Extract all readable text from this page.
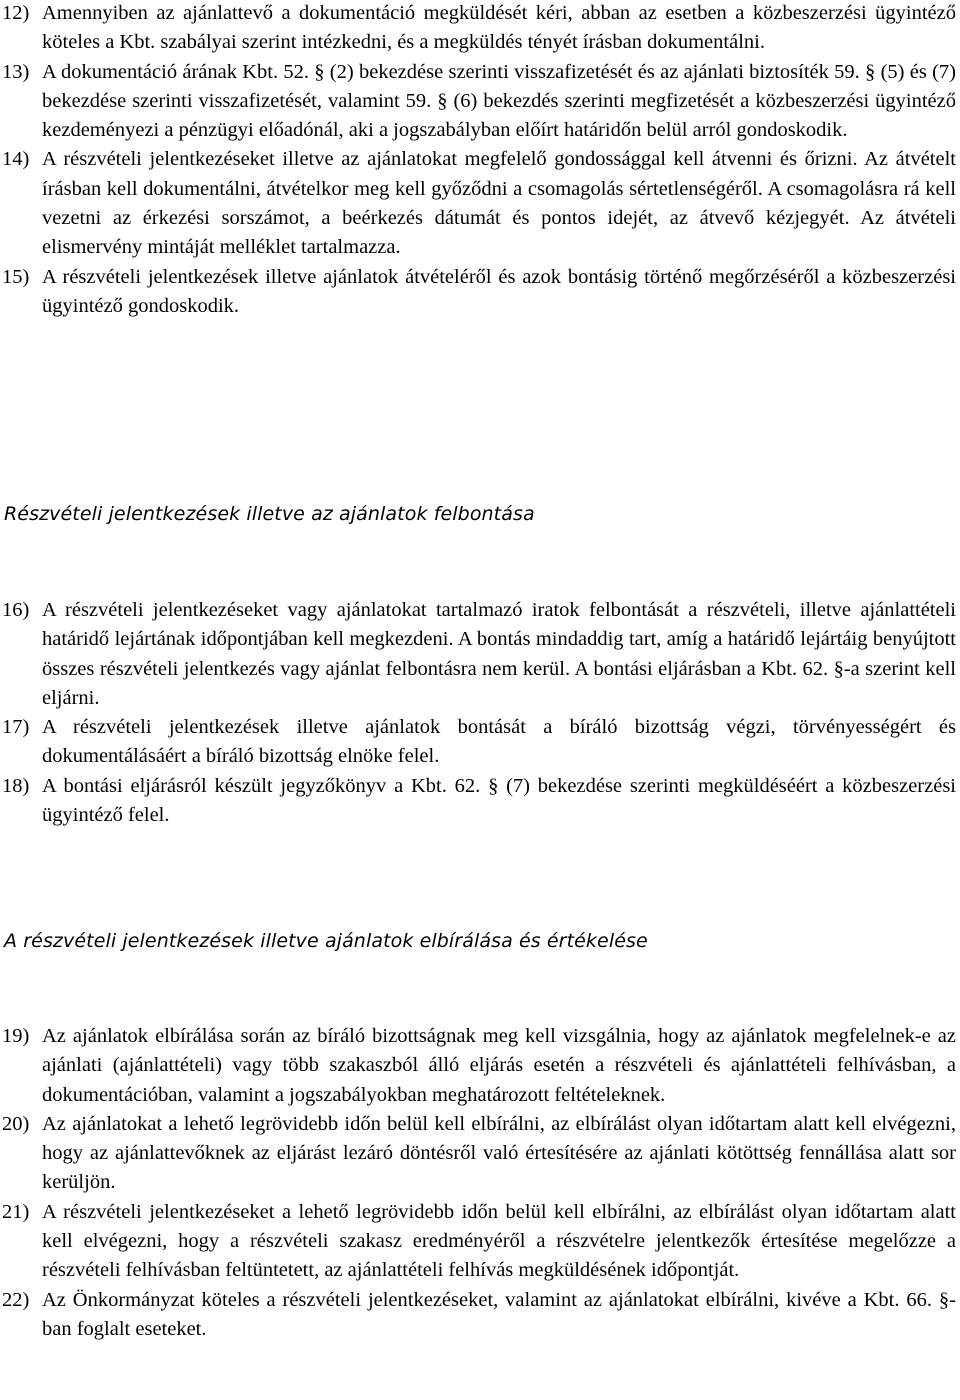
12) Amennyiben az ajánlattevő a dokumentáció megküldését kéri, abban az esetben a közbeszerzési ügyintéző köteles a Kbt. szabályai szerint intézkedni, és a megküldés tényét írásban dokumentálni.
13) A dokumentáció árának Kbt. 52. § (2) bekezdése szerinti visszafizetését és az ajánlati biztosíték 59. § (5) és (7) bekezdése szerinti visszafizetését, valamint 59. § (6) bekezdés szerinti megfizetését a közbeszerzési ügyintéző kezdeményezi a pénzügyi előadónál, aki a jogszabályban előírt határidőn belül arról gondoskodik.
14) A részvételi jelentkezéseket illetve az ajánlatokat megfelelő gondossággal kell átvenni és őrizni. Az átvételt írásban kell dokumentálni, átvételkor meg kell győződni a csomagolás sértetlenségéről. A csomagolásra rá kell vezetni az érkezési sorszámot, a beérkezés dátumát és pontos idejét, az átvevő kézjegyét. Az átvételi elismervény mintáját melléklet tartalmazza.
15) A részvételi jelentkezések illetve ajánlatok átvételéről és azok bontásig történő megőrzéséről a közbeszerzési ügyintéző gondoskodik.
Részvételi jelentkezések illetve az ajánlatok felbontása
16) A részvételi jelentkezéseket vagy ajánlatokat tartalmazó iratok felbontását a részvételi, illetve ajánlattételi határidő lejártának időpontjában kell megkezdeni. A bontás mindaddig tart, amíg a határidő lejártáig benyújtott összes részvételi jelentkezés vagy ajánlat felbontásra nem kerül. A bontási eljárásban a Kbt. 62. §-a szerint kell eljárni.
17) A részvételi jelentkezések illetve ajánlatok bontását a bíráló bizottság végzi, törvényességért és dokumentálásáért a bíráló bizottság elnöke felel.
18) A bontási eljárásról készült jegyzőkönyv a Kbt. 62. § (7) bekezdése szerinti megküldéséért a közbeszerzési ügyintéző felel.
A részvételi jelentkezések illetve ajánlatok elbírálása és értékelése
19) Az ajánlatok elbírálása során az bíráló bizottságnak meg kell vizsgálnia, hogy az ajánlatok megfelelnek-e az ajánlati (ajánlattételi) vagy több szakaszból álló eljárás esetén a részvételi és ajánlattételi felhívásban, a dokumentációban, valamint a jogszabályokban meghatározott feltételeknek.
20) Az ajánlatokat a lehető legrövidebb időn belül kell elbírálni, az elbírálást olyan időtartam alatt kell elvégezni, hogy az ajánlattevőknek az eljárást lezáró döntésről való értesítésére az ajánlati kötöttség fennállása alatt sor kerüljön.
21) A részvételi jelentkezéseket a lehető legrövidebb időn belül kell elbírálni, az elbírálást olyan időtartam alatt kell elvégezni, hogy a részvételi szakasz eredményéről a részvételre jelentkezők értesítése megelőzze a részvételi felhívásban feltüntetett, az ajánlattételi felhívás megküldésének időpontját.
22) Az Önkormányzat köteles a részvételi jelentkezéseket, valamint az ajánlatokat elbírálni, kivéve a Kbt. 66. §-ban foglalt eseteket.
